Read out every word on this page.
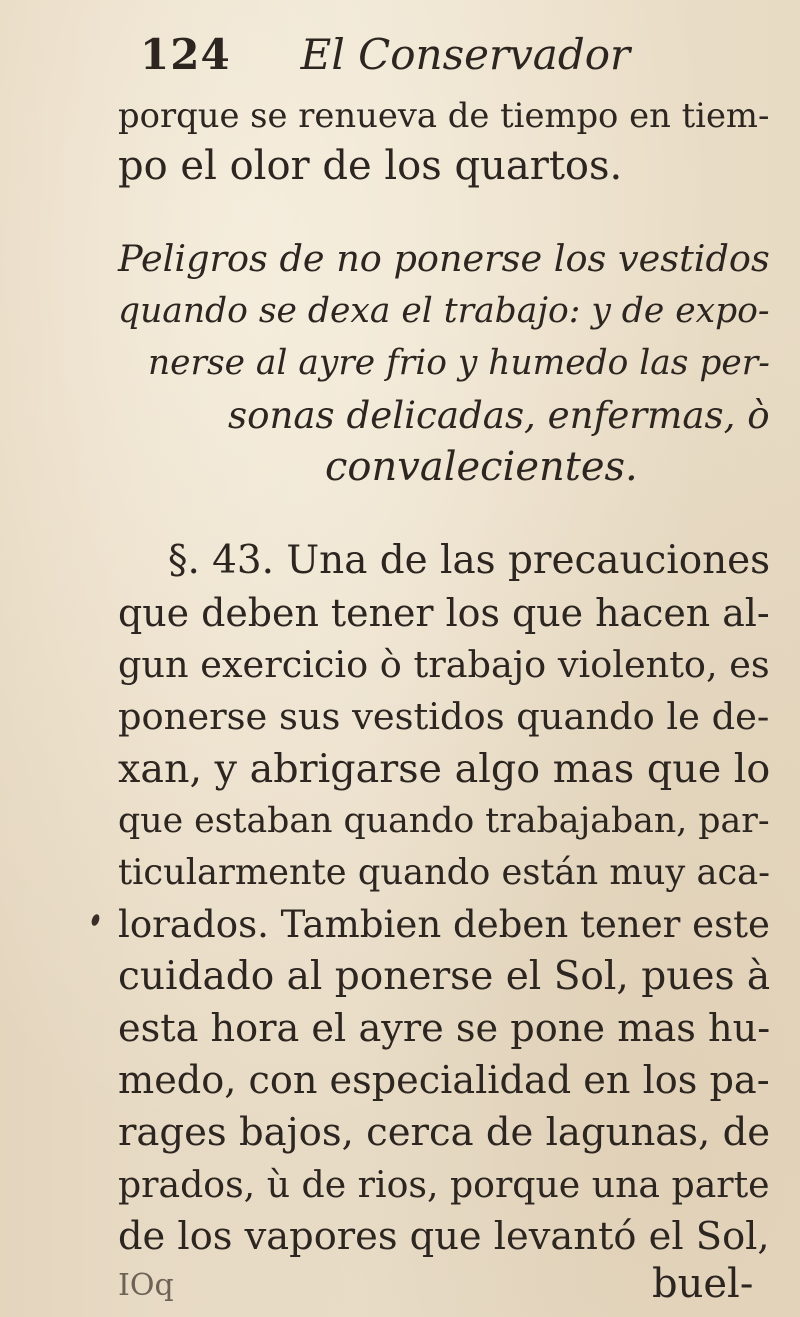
124 El Conservador
porque se renueva de tiempo en tiem-
po el olor de los quartos.
Peligros de no ponerse los vestidos
quando se dexa el trabajo: y de expo-
nerse al ayre frio y humedo las per-
sonas delicadas, enfermas, ò
convalecientes.
§. 43. Una de las precauciones
que deben tener los que hacen al-
gun exercicio ò trabajo violento, es
ponerse sus vestidos quando le de-
xan, y abrigarse algo mas que lo
que estaban quando trabajaban, par-
ticularmente quando están muy aca-
lorados. Tambien deben tener este
cuidado al ponerse el Sol, pues à
esta hora el ayre se pone mas hu-
medo, con especialidad en los pa-
rages bajos, cerca de lagunas, de
prados, ù de rios, porque una parte
de los vapores que levantó el Sol,
IOq	buel-
